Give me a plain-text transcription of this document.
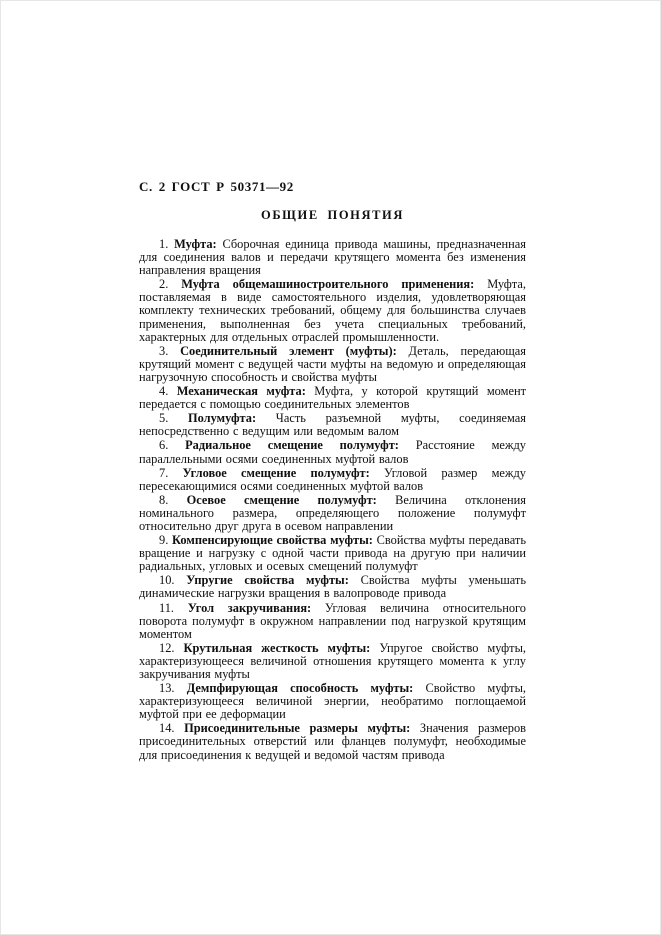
С. 2 ГОСТ Р 50371—92
ОБЩИЕ ПОНЯТИЯ

1. Муфта: Сборочная единица привода машины, предназначенная для соединения валов и передачи крутящего момента без изменения направления вращения

2. Муфта общемашиностроительного применения: Муфта, поставляемая в виде самостоятельного изделия, удовлетворяющая комплекту технических требований, общему для большинства случаев применения, выполненная без учета специальных требований, характерных для отдельных отраслей промышленности.

3. Соединительный элемент (муфты): Деталь, передающая крутящий момент с ведущей части муфты на ведомую и определяющая нагрузочную способность и свойства муфты

4. Механическая муфта: Муфта, у которой крутящий момент передается с помощью соединительных элементов

5. Полумуфта: Часть разъемной муфты, соединяемая непосредственно с ведущим или ведомым валом

6. Радиальное смещение полумуфт: Расстояние между параллельными осями соединенных муфтой валов

7. Угловое смещение полумуфт: Угловой размер между пересекающимися осями соединенных муфтой валов

8. Осевое смещение полумуфт: Величина отклонения номинального размера, определяющего положение полумуфт относительно друг друга в осевом направлении

9. Компенсирующие свойства муфты: Свойства муфты передавать вращение и нагрузку с одной части привода на другую при наличии радиальных, угловых и осевых смещений полумуфт

10. Упругие свойства муфты: Свойства муфты уменьшать динамические нагрузки вращения в валопроводе привода

11. Угол закручивания: Угловая величина относительного поворота полумуфт в окружном направлении под нагрузкой крутящим моментом

12. Крутильная жесткость муфты: Упругое свойство муфты, характеризующееся величиной отношения крутящего момента к углу закручивания муфты

13. Демпфирующая способность муфты: Свойство муфты, характеризующееся величиной энергии, необратимо поглощаемой муфтой при ее деформации

14. Присоединительные размеры муфты: Значения размеров присоединительных отверстий или фланцев полумуфт, необходимые для присоединения к ведущей и ведомой частям привода
